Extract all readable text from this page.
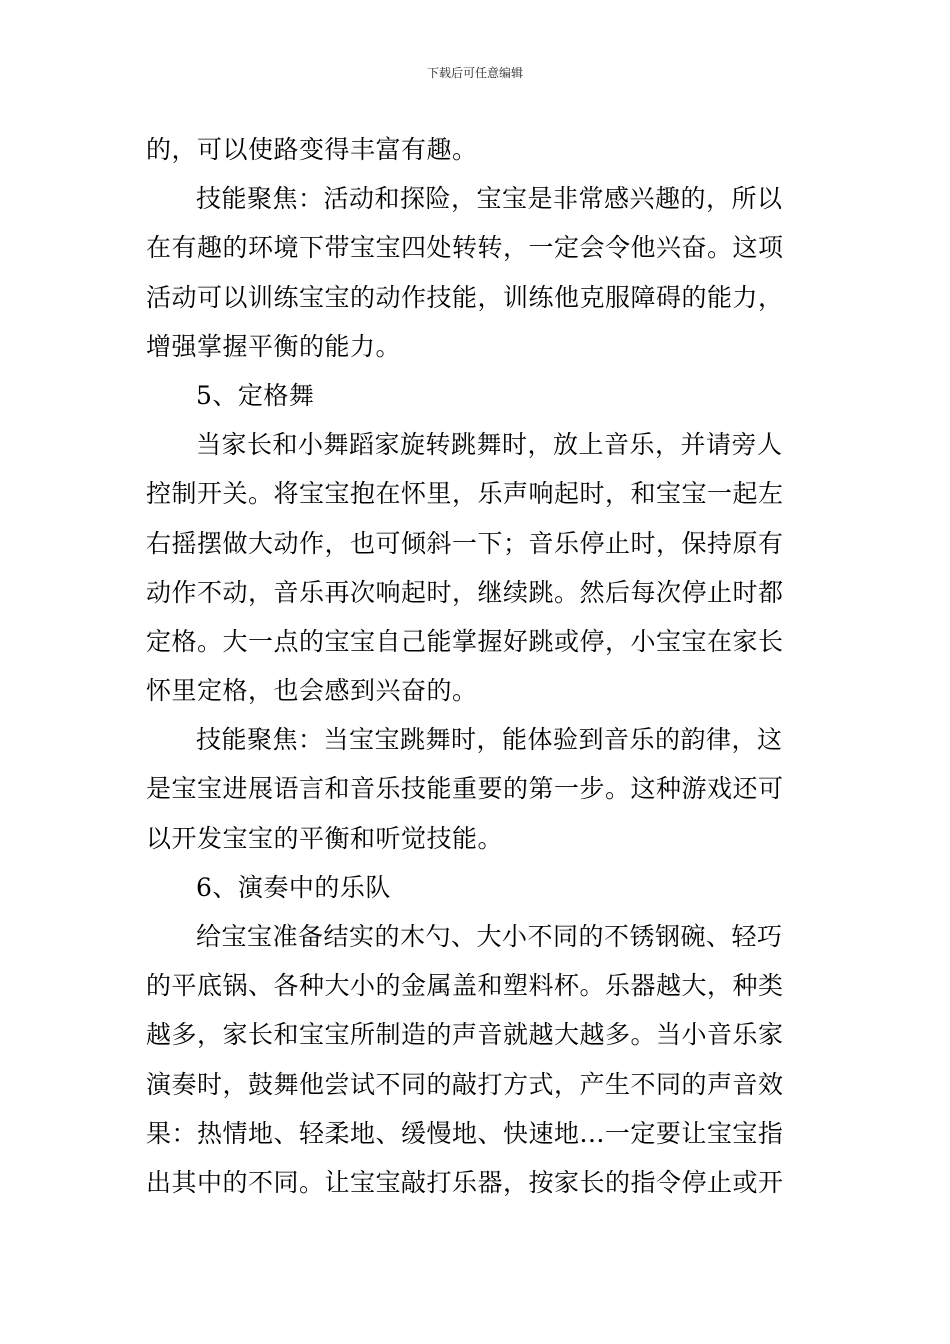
下载后可任意编辑
的，可以使路变得丰富有趣。
技能聚焦：活动和探险，宝宝是非常感兴趣的，所以
在有趣的环境下带宝宝四处转转，一定会令他兴奋。这项
活动可以训练宝宝的动作技能，训练他克服障碍的能力，
增强掌握平衡的能力。
5、定格舞
当家长和小舞蹈家旋转跳舞时，放上音乐，并请旁人
控制开关。将宝宝抱在怀里，乐声响起时，和宝宝一起左
右摇摆做大动作，也可倾斜一下；音乐停止时，保持原有
动作不动，音乐再次响起时，继续跳。然后每次停止时都
定格。大一点的宝宝自己能掌握好跳或停，小宝宝在家长
怀里定格，也会感到兴奋的。
技能聚焦：当宝宝跳舞时，能体验到音乐的韵律，这
是宝宝进展语言和音乐技能重要的第一步。这种游戏还可
以开发宝宝的平衡和听觉技能。
6、演奏中的乐队
给宝宝准备结实的木勺、大小不同的不锈钢碗、轻巧
的平底锅、各种大小的金属盖和塑料杯。乐器越大，种类
越多，家长和宝宝所制造的声音就越大越多。当小音乐家
演奏时，鼓舞他尝试不同的敲打方式，产生不同的声音效
果：热情地、轻柔地、缓慢地、快速地...一定要让宝宝指
出其中的不同。让宝宝敲打乐器，按家长的指令停止或开
